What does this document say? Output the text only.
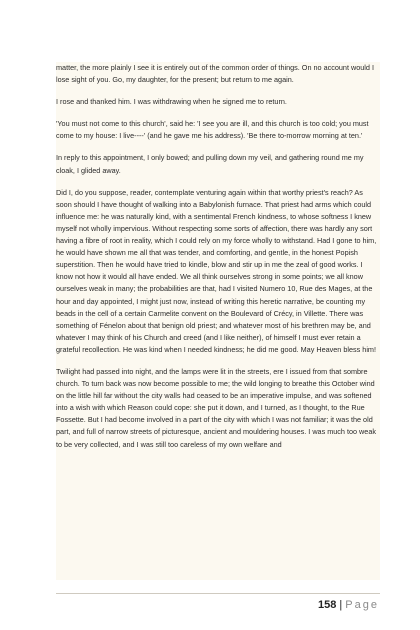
matter, the more plainly I see it is entirely out of the common order of things. On no account would I lose sight of you. Go, my daughter, for the present; but return to me again.

I rose and thanked him. I was withdrawing when he signed me to return.

'You must not come to this church', said he: 'I see you are ill, and this church is too cold; you must come to my house: I live----' (and he gave me his address). 'Be there to-morrow morning at ten.'

In reply to this appointment, I only bowed; and pulling down my veil, and gathering round me my cloak, I glided away.

Did I, do you suppose, reader, contemplate venturing again within that worthy priest's reach? As soon should I have thought of walking into a Babylonish furnace. That priest had arms which could influence me: he was naturally kind, with a sentimental French kindness, to whose softness I knew myself not wholly impervious. Without respecting some sorts of affection, there was hardly any sort having a fibre of root in reality, which I could rely on my force wholly to withstand. Had I gone to him, he would have shown me all that was tender, and comforting, and gentle, in the honest Popish superstition. Then he would have tried to kindle, blow and stir up in me the zeal of good works. I know not how it would all have ended. We all think ourselves strong in some points; we all know ourselves weak in many; the probabilities are that, had I visited Numero 10, Rue des Mages, at the hour and day appointed, I might just now, instead of writing this heretic narrative, be counting my beads in the cell of a certain Carmelite convent on the Boulevard of Crécy, in Villette. There was something of Fénelon about that benign old priest; and whatever most of his brethren may be, and whatever I may think of his Church and creed (and I like neither), of himself I must ever retain a grateful recollection. He was kind when I needed kindness; he did me good. May Heaven bless him!

Twilight had passed into night, and the lamps were lit in the streets, ere I issued from that sombre church. To turn back was now become possible to me; the wild longing to breathe this October wind on the little hill far without the city walls had ceased to be an imperative impulse, and was softened into a wish with which Reason could cope: she put it down, and I turned, as I thought, to the Rue Fossette. But I had become involved in a part of the city with which I was not familiar; it was the old part, and full of narrow streets of picturesque, ancient and mouldering houses. I was much too weak to be very collected, and I was still too careless of my own welfare and

158 | Page
